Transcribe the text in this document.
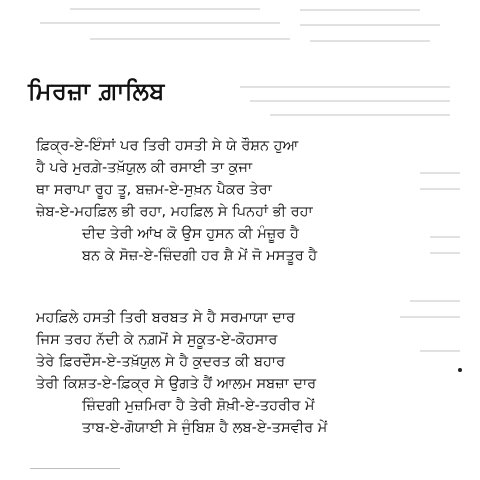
ਮਿਰਜ਼ਾ ਗ਼ਾਲਿਬ

ਫ਼ਿਕ੍ਰ-ਏ-ਇੰਸਾਂ ਪਰ ਤਿਰੀ ਹਸਤੀ ਸੇ ਯੇ ਰੌਸ਼ਨ ਹੁਆ

ਹੈ ਪਰੇ ਮੁਰਗ਼ੇ-ਤਖ਼ੱਯੁਲ ਕੀ ਰਸਾਈ ਤਾ ਕੁਜਾ

ਥਾ ਸਰਾਪਾ ਰੂਹ ਤੂ, ਬਜ਼ਮ-ਏ-ਸੁਖ਼ਨ ਪੈਕਰ ਤੇਰਾ

ਜ਼ੇਬ-ਏ-ਮਹਫ਼ਿਲ ਭੀ ਰਹਾ, ਮਹਫ਼ਿਲ ਸੇ ਪਿਨਹਾਂ ਭੀ ਰਹਾ

ਦੀਦ ਤੇਰੀ ਆਂਖ ਕੋ ਉਸ ਹੁਸਨ ਕੀ ਮੰਜ਼ੂਰ ਹੈ

ਬਨ ਕੇ ਸੋਜ਼-ਏ-ਜ਼ਿੰਦਗੀ ਹਰ ਸ਼ੈ ਮੇਂ ਜੋ ਮਸਤੂਰ ਹੈ

ਮਹਫ਼ਿਲੇ ਹਸਤੀ ਤਿਰੀ ਬਰਬਤ ਸੇ ਹੈ ਸਰਮਾਯਾ ਦਾਰ

ਜਿਸ ਤਰਹ ਨੱਦੀ ਕੇ ਨਗ਼ਮੋਂ ਸੇ ਸੁਕੂਤ-ਏ-ਕੋਹਸਾਰ

ਤੇਰੇ ਫ਼ਿਰਦੌਸ-ਏ-ਤਖ਼ੱਯੁਲ ਸੇ ਹੈ ਕੁਦਰਤ ਕੀ ਬਹਾਰ

ਤੇਰੀ ਕਿਸ਼ਤ-ਏ-ਫ਼ਿਕ੍ਰ ਸੇ ਉਗਤੇ ਹੈਂ ਆਲਮ ਸਬਜ਼ਾ ਦਾਰ

ਜ਼ਿੰਦਗੀ ਮੁਜ਼ਮਿਰਾ ਹੈ ਤੇਰੀ ਸ਼ੋਖ਼ੀ-ਏ-ਤਹਰੀਰ ਮੇਂ

ਤਾਬ-ਏ-ਗੋਯਾਈ ਸੇ ਜੁੰਬਿਸ਼ ਹੈ ਲਬ-ਏ-ਤਸਵੀਰ ਮੇਂ
